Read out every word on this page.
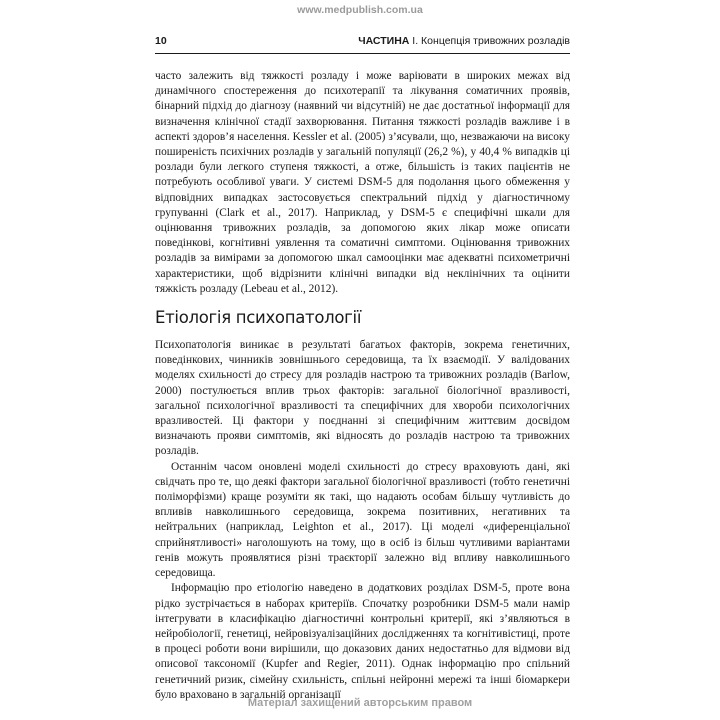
www.medpublish.com.ua
10	ЧАСТИНА І. Концепція тривожних розладів

часто залежить від тяжкості розладу і може варіювати в широких межах від динамічного спостереження до психотерапії та лікування соматичних проявів, бінарний підхід до діагнозу (наявний чи відсутній) не дає достатньої інформації для визначення клінічної стадії захворювання. Питання тяжкості розладів важливе і в аспекті здоров’я населення. Kessler et al. (2005) з’ясували, що, незважаючи на високу поширеність психічних розладів у загальній популяції (26,2 %), у 40,4 % випадків ці розлади були легкого ступеня тяжкості, а отже, більшість із таких пацієнтів не потребують особливої уваги. У системі DSM-5 для подолання цього обмеження у відповідних випадках застосовується спектральний підхід у діагностичному групуванні (Clark et al., 2017). Наприклад, у DSM-5 є специфічні шкали для оцінювання тривожних розладів, за допомогою яких лікар може описати поведінкові, когнітивні уявлення та соматичні симптоми. Оцінювання тривожних розладів за вимірами за допомогою шкал самооцінки має адекватні психометричні характеристики, щоб відрізнити клінічні випадки від неклінічних та оцінити тяжкість розладу (Lebeau et al., 2012).

Етіологія психопатології

Психопатологія виникає в результаті багатьох факторів, зокрема генетичних, поведінкових, чинників зовнішнього середовища, та їх взаємодії. У валідованих моделях схильності до стресу для розладів настрою та тривожних розладів (Barlow, 2000) постулюється вплив трьох факторів: загальної біологічної вразливості, загальної психологічної вразливості та специфічних для хвороби психологічних вразливостей. Ці фактори у поєднанні зі специфічним життєвим досвідом визначають прояви симптомів, які відносять до розладів настрою та тривожних розладів.

Останнім часом оновлені моделі схильності до стресу враховують дані, які свідчать про те, що деякі фактори загальної біологічної вразливості (тобто генетичні поліморфізми) краще розуміти як такі, що надають особам більшу чутливість до впливів навколишнього середовища, зокрема позитивних, негативних та нейтральних (наприклад, Leighton et al., 2017). Ці моделі «диференціальної сприйнятливості» наголошують на тому, що в осіб із більш чутливими варіантами генів можуть проявлятися різні траєкторії залежно від впливу навколишнього середовища.

Інформацію про етіологію наведено в додаткових розділах DSM-5, проте вона рідко зустрічається в наборах критеріїв. Спочатку розробники DSM-5 мали намір інтегрувати в класифікацію діагностичні контрольні критерії, які з’являються в нейробіології, генетиці, нейровізуалізаційних дослідженнях та когнітивістиці, проте в процесі роботи вони вирішили, що доказових даних недостатньо для відмови від описової таксономії (Kupfer and Regier, 2011). Однак інформацію про спільний генетичний ризик, сімейну схильність, спільні нейронні мережі та інші біомаркери було враховано в загальній організації

Матеріал захищений авторським правом
